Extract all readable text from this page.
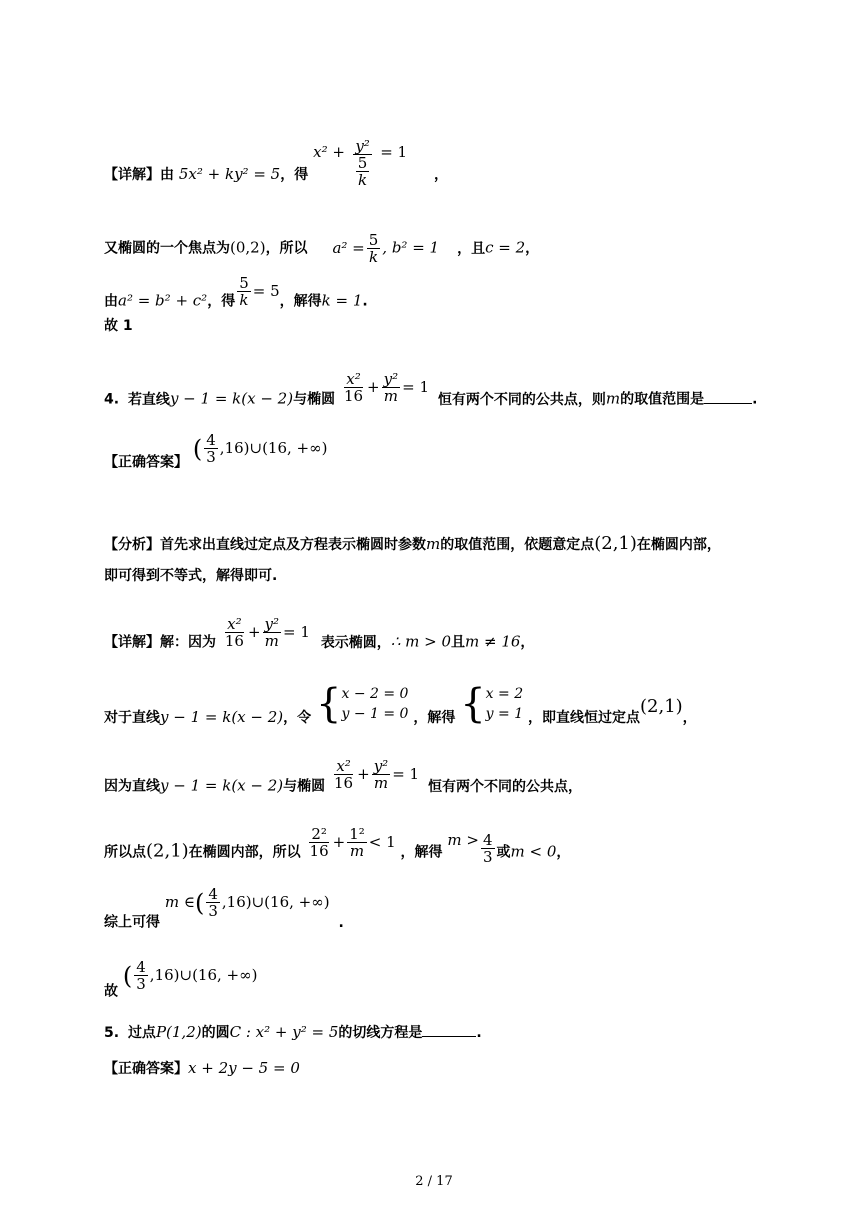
【详解】由 5x² + ky² = 5，得 $x^2 + \frac{\text{y²}}{\frac{5}{k}} = 1$ ，
又椭圆的一个焦点为(0,2)，所以 $a^2 = \frac{5}{k}$ , b² = 1 ，且c = 2，
由a² = b² + c²，得 $\frac{5}{k} = 5$，解得k = 1.
故 1
4. 若直线y − 1 = k(x − 2)与椭圆 $\frac{\text{x²}}{16} + \frac{\text{y²}}{m} = 1$ 恒有两个不同的公共点，则m的取值范围是	.
【正确答案】 ( $\frac{4}{3}$ ,16)∪(16, +∞)
【分析】首先求出直线过定点及方程表示椭圆时参数m的取值范围，依题意定点(2,1)在椭圆内部，
即可得到不等式，解得即可.
【详解】解：因为 $\frac{\text{x²}}{16} + \frac{\text{y²}}{m} = 1$ 表示椭圆，∴ m > 0且m ≠ 16，
对于直线y − 1 = k(x − 2)，令 { x − 2 = 0
y − 1 = 0 ，解得 { x = 2
y = 1 ，即直线恒过定点(2,1)，
因为直线y − 1 = k(x − 2)与椭圆 $\frac{\text{x²}}{16} + \frac{\text{y²}}{m} = 1$ 恒有两个不同的公共点，
所以点(2,1)在椭圆内部，所以 $\frac{\text{2²}}{16} + \frac{\text{1²}}{m} < 1$ ，解得 $m > \frac{4}{3}$ 或m < 0，
综上可得 m ∈( $\frac{4}{3}$ ,16)∪(16, +∞) .
故 ( $\frac{4}{3}$ ,16)∪(16, +∞)
5. 过点P(1,2)的圆C : x² + y² = 5的切线方程是	.
【正确答案】x + 2y − 5 = 0
2 / 17
